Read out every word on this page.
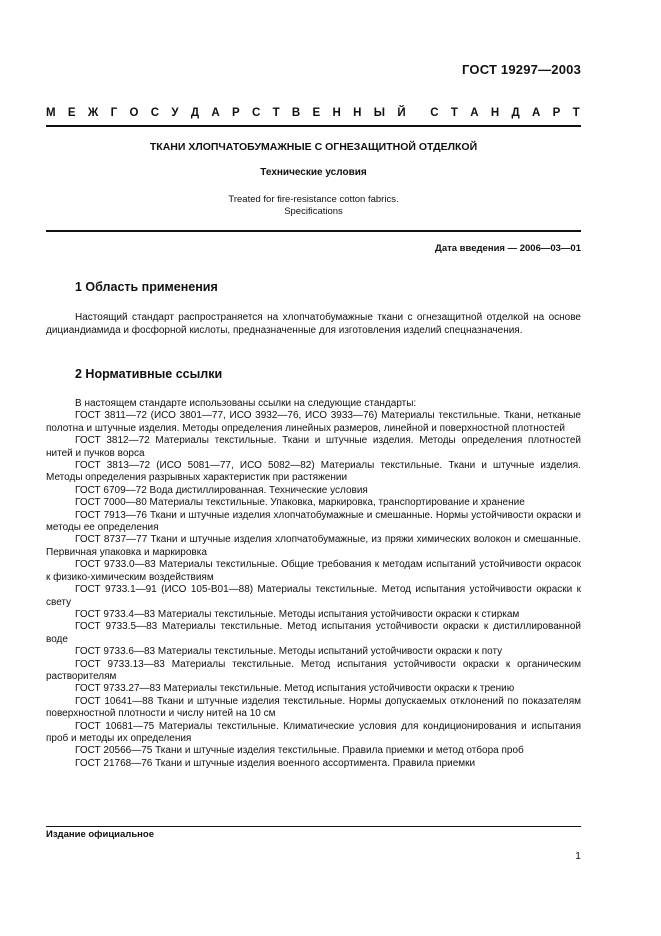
ГОСТ 19297—2003
М Е Ж Г О С У Д А Р С Т В Е Н Н Ы Й С Т А Н Д А Р Т
ТКАНИ ХЛОПЧАТОБУМАЖНЫЕ С ОГНЕЗАЩИТНОЙ ОТДЕЛКОЙ
Технические условия
Treated for fire-resistance cotton fabrics.
Specifications
Дата введения — 2006—03—01
1 Область применения

Настоящий стандарт распространяется на хлопчатобумажные ткани с огнезащитной отделкой на основе дициандиамида и фосфорной кислоты, предназначенные для изготовления изделий спецназначения.

2 Нормативные ссылки

В настоящем стандарте использованы ссылки на следующие стандарты:

ГОСТ 3811—72 (ИСО 3801—77, ИСО 3932—76, ИСО 3933—76) Материалы текстильные. Ткани, нетканые полотна и штучные изделия. Методы определения линейных размеров, линейной и поверхностной плотностей

ГОСТ 3812—72 Материалы текстильные. Ткани и штучные изделия. Методы определения плотностей нитей и пучков ворса

ГОСТ 3813—72 (ИСО 5081—77, ИСО 5082—82) Материалы текстильные. Ткани и штучные изделия. Методы определения разрывных характеристик при растяжении

ГОСТ 6709—72 Вода дистиллированная. Технические условия

ГОСТ 7000—80 Материалы текстильные. Упаковка, маркировка, транспортирование и хранение

ГОСТ 7913—76 Ткани и штучные изделия хлопчатобумажные и смешанные. Нормы устойчивости окраски и методы ее определения

ГОСТ 8737—77 Ткани и штучные изделия хлопчатобумажные, из пряжи химических волокон и смешанные. Первичная упаковка и маркировка

ГОСТ 9733.0—83 Материалы текстильные. Общие требования к методам испытаний устойчивости окрасок к физико-химическим воздействиям

ГОСТ 9733.1—91 (ИСО 105-В01—88) Материалы текстильные. Метод испытания устойчивости окраски к свету

ГОСТ 9733.4—83 Материалы текстильные. Методы испытания устойчивости окраски к стиркам

ГОСТ 9733.5—83 Материалы текстильные. Метод испытания устойчивости окраски к дистиллированной воде

ГОСТ 9733.6—83 Материалы текстильные. Методы испытаний устойчивости окраски к поту

ГОСТ 9733.13—83 Материалы текстильные. Метод испытания устойчивости окраски к органическим растворителям

ГОСТ 9733.27—83 Материалы текстильные. Метод испытания устойчивости окраски к трению

ГОСТ 10641—88 Ткани и штучные изделия текстильные. Нормы допускаемых отклонений по показателям поверхностной плотности и числу нитей на 10 см

ГОСТ 10681—75 Материалы текстильные. Климатические условия для кондиционирования и испытания проб и методы их определения

ГОСТ 20566—75 Ткани и штучные изделия текстильные. Правила приемки и метод отбора проб

ГОСТ 21768—76 Ткани и штучные изделия военного ассортимента. Правила приемки

Издание официальное
1
